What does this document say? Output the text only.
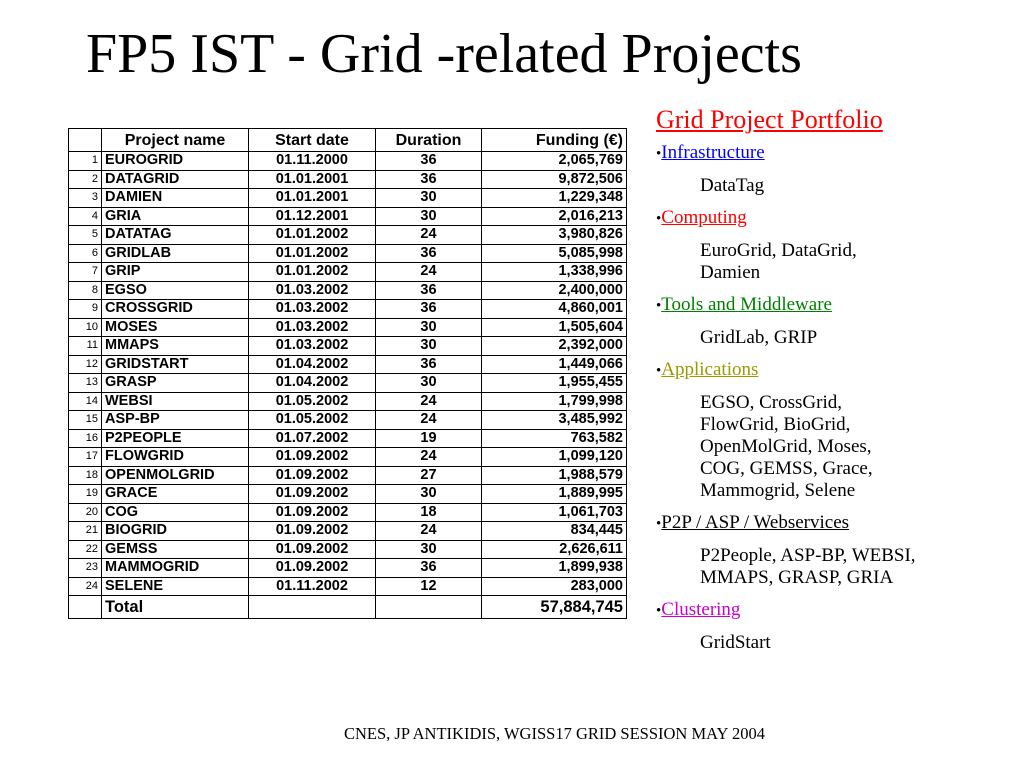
FP5 IST - Grid -related Projects
	Project name	Start date	Duration	Funding (€)
1	EUROGRID	01.11.2000	36	2,065,769
2	DATAGRID	01.01.2001	36	9,872,506
3	DAMIEN	01.01.2001	30	1,229,348
4	GRIA	01.12.2001	30	2,016,213
5	DATATAG	01.01.2002	24	3,980,826
6	GRIDLAB	01.01.2002	36	5,085,998
7	GRIP	01.01.2002	24	1,338,996
8	EGSO	01.03.2002	36	2,400,000
9	CROSSGRID	01.03.2002	36	4,860,001
10	MOSES	01.03.2002	30	1,505,604
11	MMAPS	01.03.2002	30	2,392,000
12	GRIDSTART	01.04.2002	36	1,449,066
13	GRASP	01.04.2002	30	1,955,455
14	WEBSI	01.05.2002	24	1,799,998
15	ASP-BP	01.05.2002	24	3,485,992
16	P2PEOPLE	01.07.2002	19	763,582
17	FLOWGRID	01.09.2002	24	1,099,120
18	OPENMOLGRID	01.09.2002	27	1,988,579
19	GRACE	01.09.2002	30	1,889,995
20	COG	01.09.2002	18	1,061,703
21	BIOGRID	01.09.2002	24	834,445
22	GEMSS	01.09.2002	30	2,626,611
23	MAMMOGRID	01.09.2002	36	1,899,938
24	SELENE	01.11.2002	12	283,000
	Total			57,884,745
Grid Project Portfolio
•Infrastructure
DataTag
•Computing
EuroGrid, DataGrid,
Damien
•Tools and Middleware
GridLab, GRIP
•Applications
EGSO, CrossGrid,
FlowGrid, BioGrid,
OpenMolGrid, Moses,
COG, GEMSS, Grace,
Mammogrid, Selene
•P2P / ASP / Webservices
P2People, ASP-BP, WEBSI,
MMAPS, GRASP, GRIA
•Clustering
GridStart
CNES, JP ANTIKIDIS, WGISS17 GRID SESSION MAY 2004
